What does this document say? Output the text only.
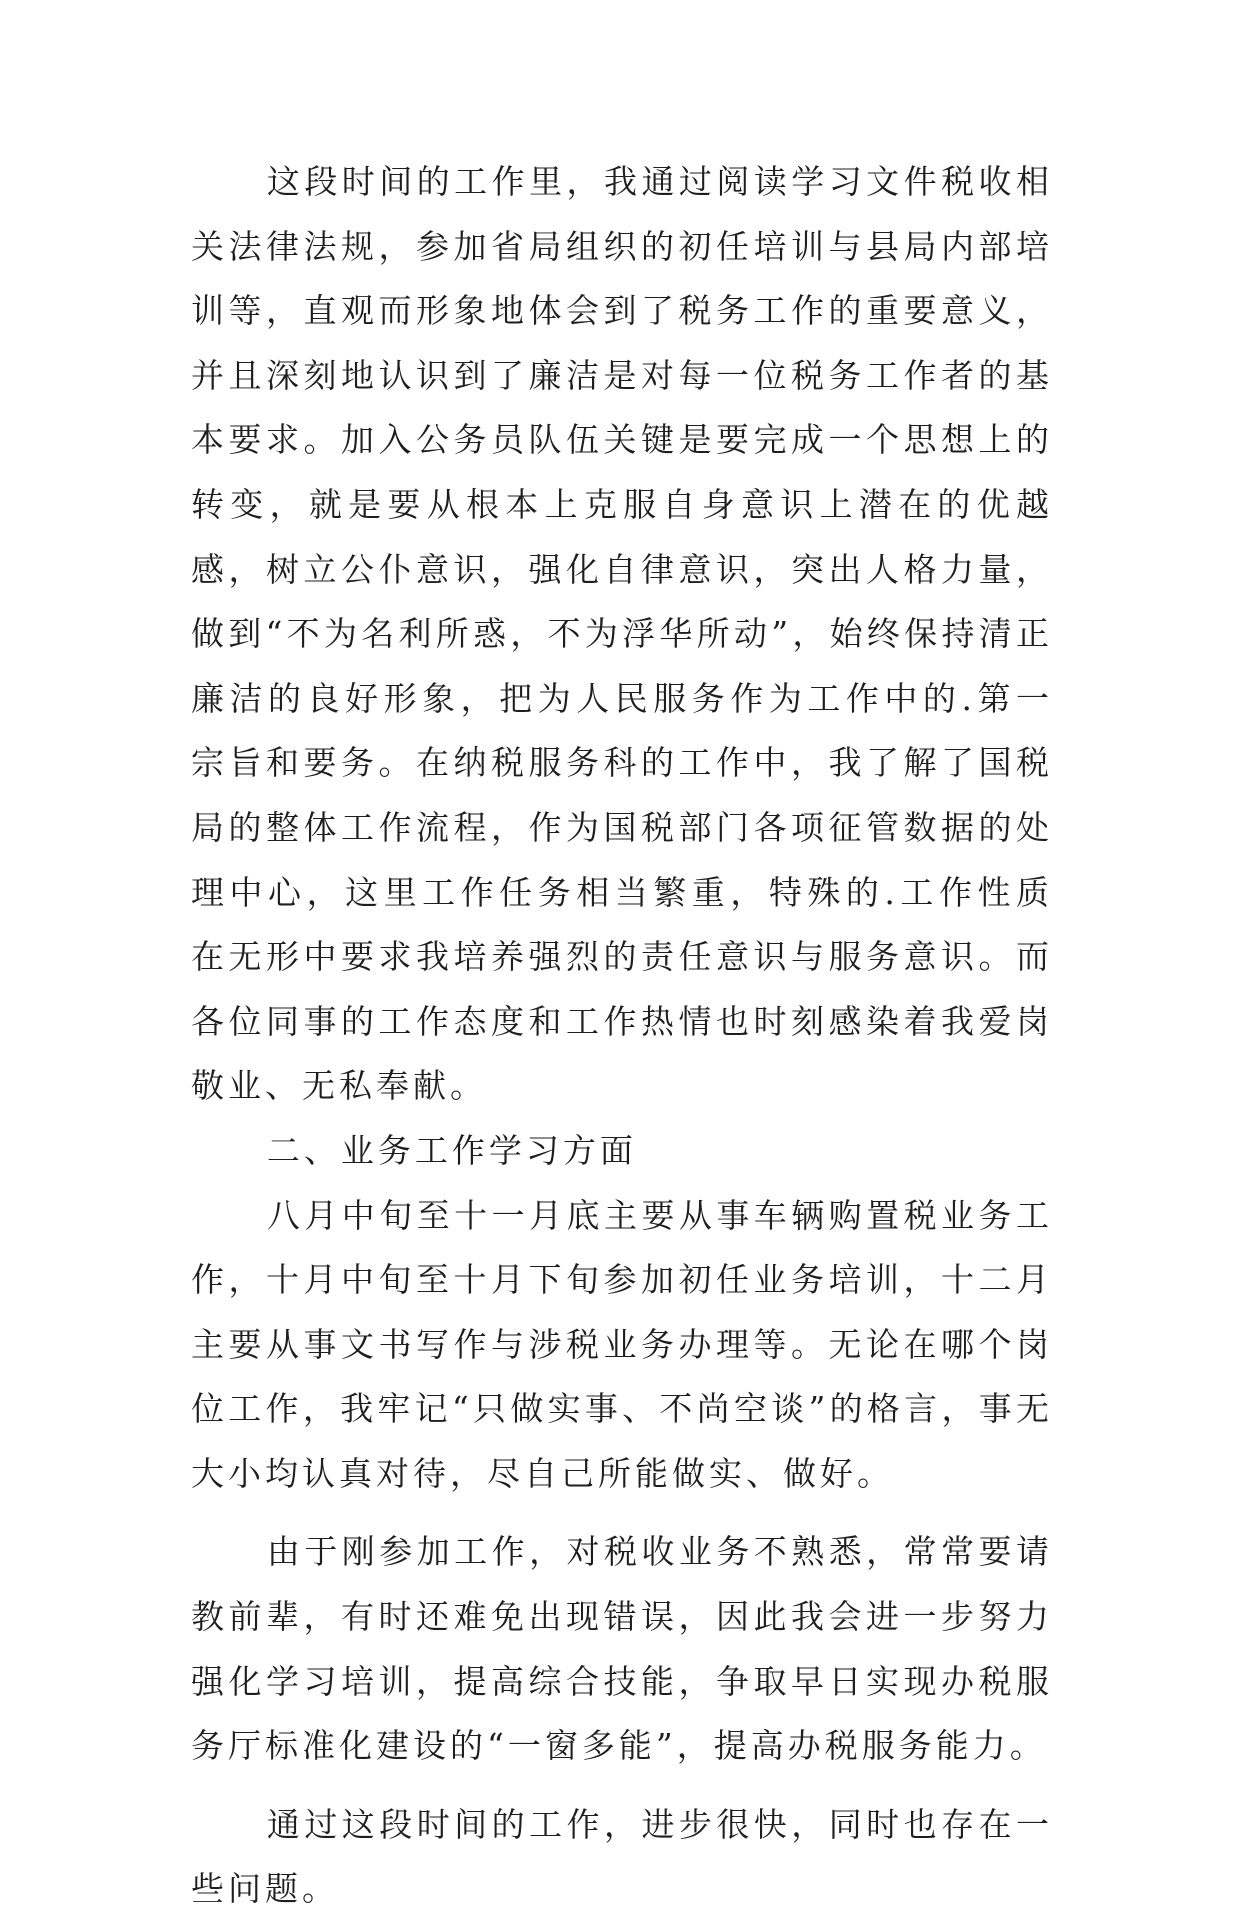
这段时间的工作里，我通过阅读学习文件税收相关法律法规，参加省局组织的初任培训与县局内部培训等，直观而形象地体会到了税务工作的重要意义，并且深刻地认识到了廉洁是对每一位税务工作者的基本要求。加入公务员队伍关键是要完成一个思想上的转变，就是要从根本上克服自身意识上潜在的优越感，树立公仆意识，强化自律意识，突出人格力量，做到“不为名利所惑，不为浮华所动”，始终保持清正廉洁的良好形象，把为人民服务作为工作中的.第一宗旨和要务。在纳税服务科的工作中，我了解了国税局的整体工作流程，作为国税部门各项征管数据的处理中心，这里工作任务相当繁重，特殊的.工作性质在无形中要求我培养强烈的责任意识与服务意识。而各位同事的工作态度和工作热情也时刻感染着我爱岗敬业、无私奉献。

二、业务工作学习方面

八月中旬至十一月底主要从事车辆购置税业务工作，十月中旬至十月下旬参加初任业务培训，十二月主要从事文书写作与涉税业务办理等。无论在哪个岗位工作，我牢记“只做实事、不尚空谈”的格言，事无大小均认真对待，尽自己所能做实、做好。

由于刚参加工作，对税收业务不熟悉，常常要请教前辈，有时还难免出现错误，因此我会进一步努力强化学习培训，提高综合技能，争取早日实现办税服务厅标准化建设的“一窗多能”，提高办税服务能力。

通过这段时间的工作，进步很快，同时也存在一些问题。
